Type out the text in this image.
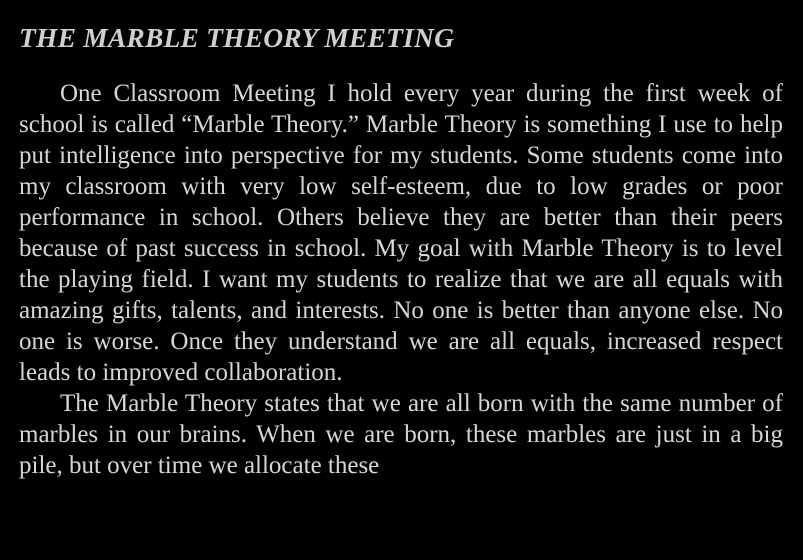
THE MARBLE THEORY MEETING

One Classroom Meeting I hold every year during the first week of school is called “Marble Theory.” Marble Theory is something I use to help put intelligence into perspective for my students. Some students come into my classroom with very low self-esteem, due to low grades or poor performance in school. Others believe they are better than their peers because of past success in school. My goal with Marble Theory is to level the playing field. I want my students to realize that we are all equals with amazing gifts, talents, and interests. No one is better than anyone else. No one is worse. Once they understand we are all equals, increased respect leads to improved collaboration.

The Marble Theory states that we are all born with the same number of marbles in our brains. When we are born, these marbles are just in a big pile, but over time we allocate these
